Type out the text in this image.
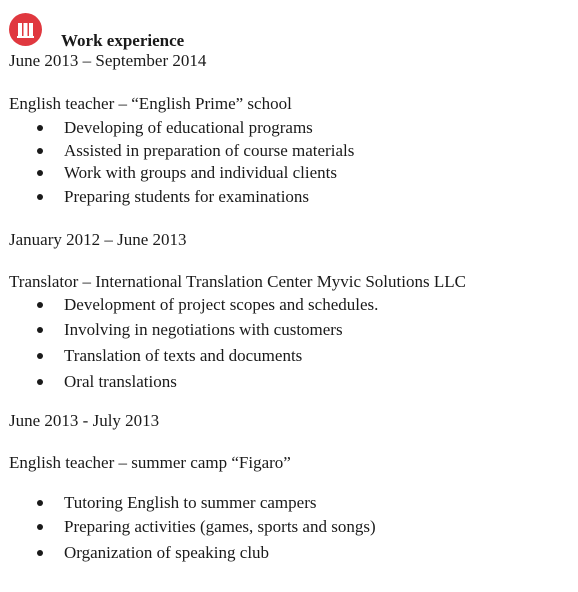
Work experience
June 2013 – September 2014
English teacher – “English Prime” school
Developing of educational programs
Assisted in preparation of course materials
Work with groups and individual clients
Preparing students for examinations
January 2012 – June 2013
Translator – International Translation Center Myvic Solutions LLC
Development of project scopes and schedules.
Involving in negotiations with customers
Translation of texts and documents
Oral translations
June 2013 - July 2013
English teacher – summer camp “Figaro”
Tutoring English to summer campers
Preparing activities (games, sports and songs)
Organization of speaking club
